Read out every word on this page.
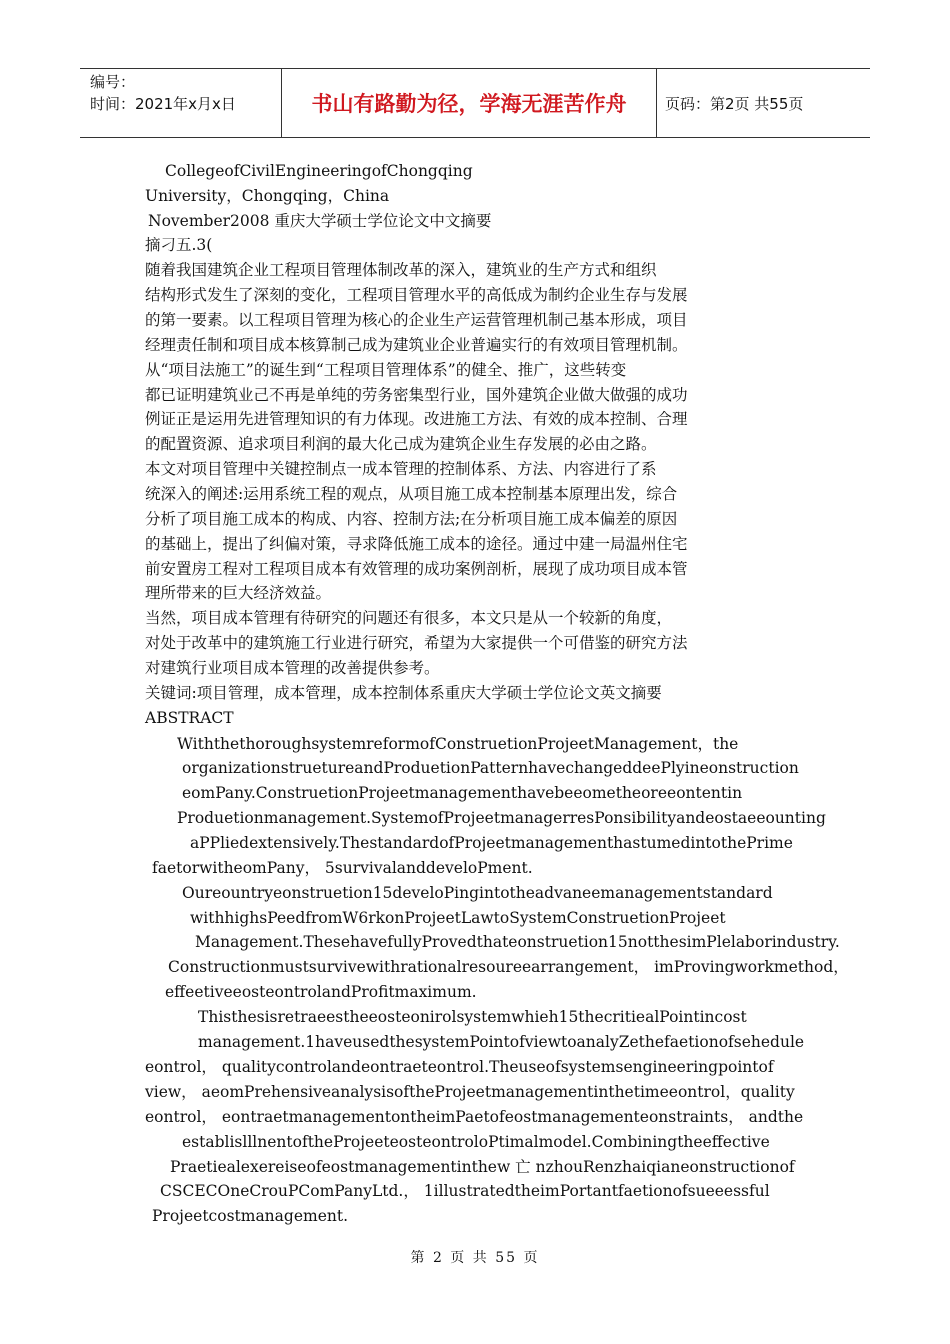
编号：
时间：2021年x月x日	书山有路勤为径，学海无涯苦作舟	页码：第2页 共55页
CollegeofCivilEngineeringofChongqing
University，Chongqing，China
November2008 重庆大学硕士学位论文中文摘要
摘刁五.3(
随着我国建筑企业工程项目管理体制改革的深入，建筑业的生产方式和组织
结构形式发生了深刻的变化，工程项目管理水平的高低成为制约企业生存与发展
的第一要素。以工程项目管理为核心的企业生产运营管理机制己基本形成，项目
经理责任制和项目成本核算制己成为建筑业企业普遍实行的有效项目管理机制。
从“项目法施工”的诞生到“工程项目管理体系”的健全、推广，这些转变
都已证明建筑业己不再是单纯的劳务密集型行业，国外建筑企业做大做强的成功
例证正是运用先进管理知识的有力体现。改进施工方法、有效的成本控制、合理
的配置资源、追求项目利润的最大化己成为建筑企业生存发展的必由之路。
本文对项目管理中关键控制点一成本管理的控制体系、方法、内容进行了系
统深入的阐述:运用系统工程的观点，从项目施工成本控制基本原理出发，综合
分析了项目施工成本的构成、内容、控制方法;在分析项目施工成本偏差的原因
的基础上，提出了纠偏对策，寻求降低施工成本的途径。通过中建一局温州住宅
前安置房工程对工程项目成本有效管理的成功案例剖析，展现了成功项目成本管
理所带来的巨大经济效益。
当然，项目成本管理有待研究的问题还有很多，本文只是从一个较新的角度，
对处于改革中的建筑施工行业进行研究，希望为大家提供一个可借鉴的研究方法
对建筑行业项目成本管理的改善提供参考。
关键词:项目管理，成本管理，成本控制体系重庆大学硕士学位论文英文摘要
ABSTRACT
WiththethoroughsystemreformofConstruetionProjeetManagement，the
organizationstruetureandProduetionPatternhavechangeddeePlyineonstruction
eomPany.ConstruetionProjeetmanagementhavebeeometheoreeontentin
Produetionmanagement.SystemofProjeetmanagerresPonsibilityandeostaeeounting
aPPliedextensively.ThestandardofProjeetmanagementhastumedintothePrime
faetorwitheomPany， 5survivalanddeveloPment.
Oureountryeonstruetion15develoPingintotheadvaneemanagementstandard
withhighsPeedfromW6rkonProjeetLawtoSystemConstruetionProjeet
Management.ThesehavefullyProvedthateonstruetion15notthesimPlelaborindustry.
Constructionmustsurvivewithrationalresoureearrangement， imProvingworkmethod，
effeetiveeosteontrolandProfitmaximum.
Thisthesisretraeestheeosteonirolsystemwhieh15thecritiealPointincost
management.1haveusedthesystemPointofviewtoanalyZethefaetionofsehedule
eontrol， qualitycontrolandeontraeteontrol.Theuseofsystemsengineeringpointof
view， aeomPrehensiveanalysisoftheProjeetmanagementinthetimeeontrol，quality
eontrol， eontraetmanagementontheimPaetofeostmanagementeonstraints， andthe
establislllnentoftheProjeeteosteontroloPtimalmodel.Combiningtheeffective
Praetiealexereiseofeostmanagementinthew 亡 nzhouRenzhaiqianeonstructionof
CSCECOneCrouPComPanyLtd.， 1illustratedtheimPortantfaetionofsueeessful
Projeetcostmanagement.
第 2 页 共 55 页
